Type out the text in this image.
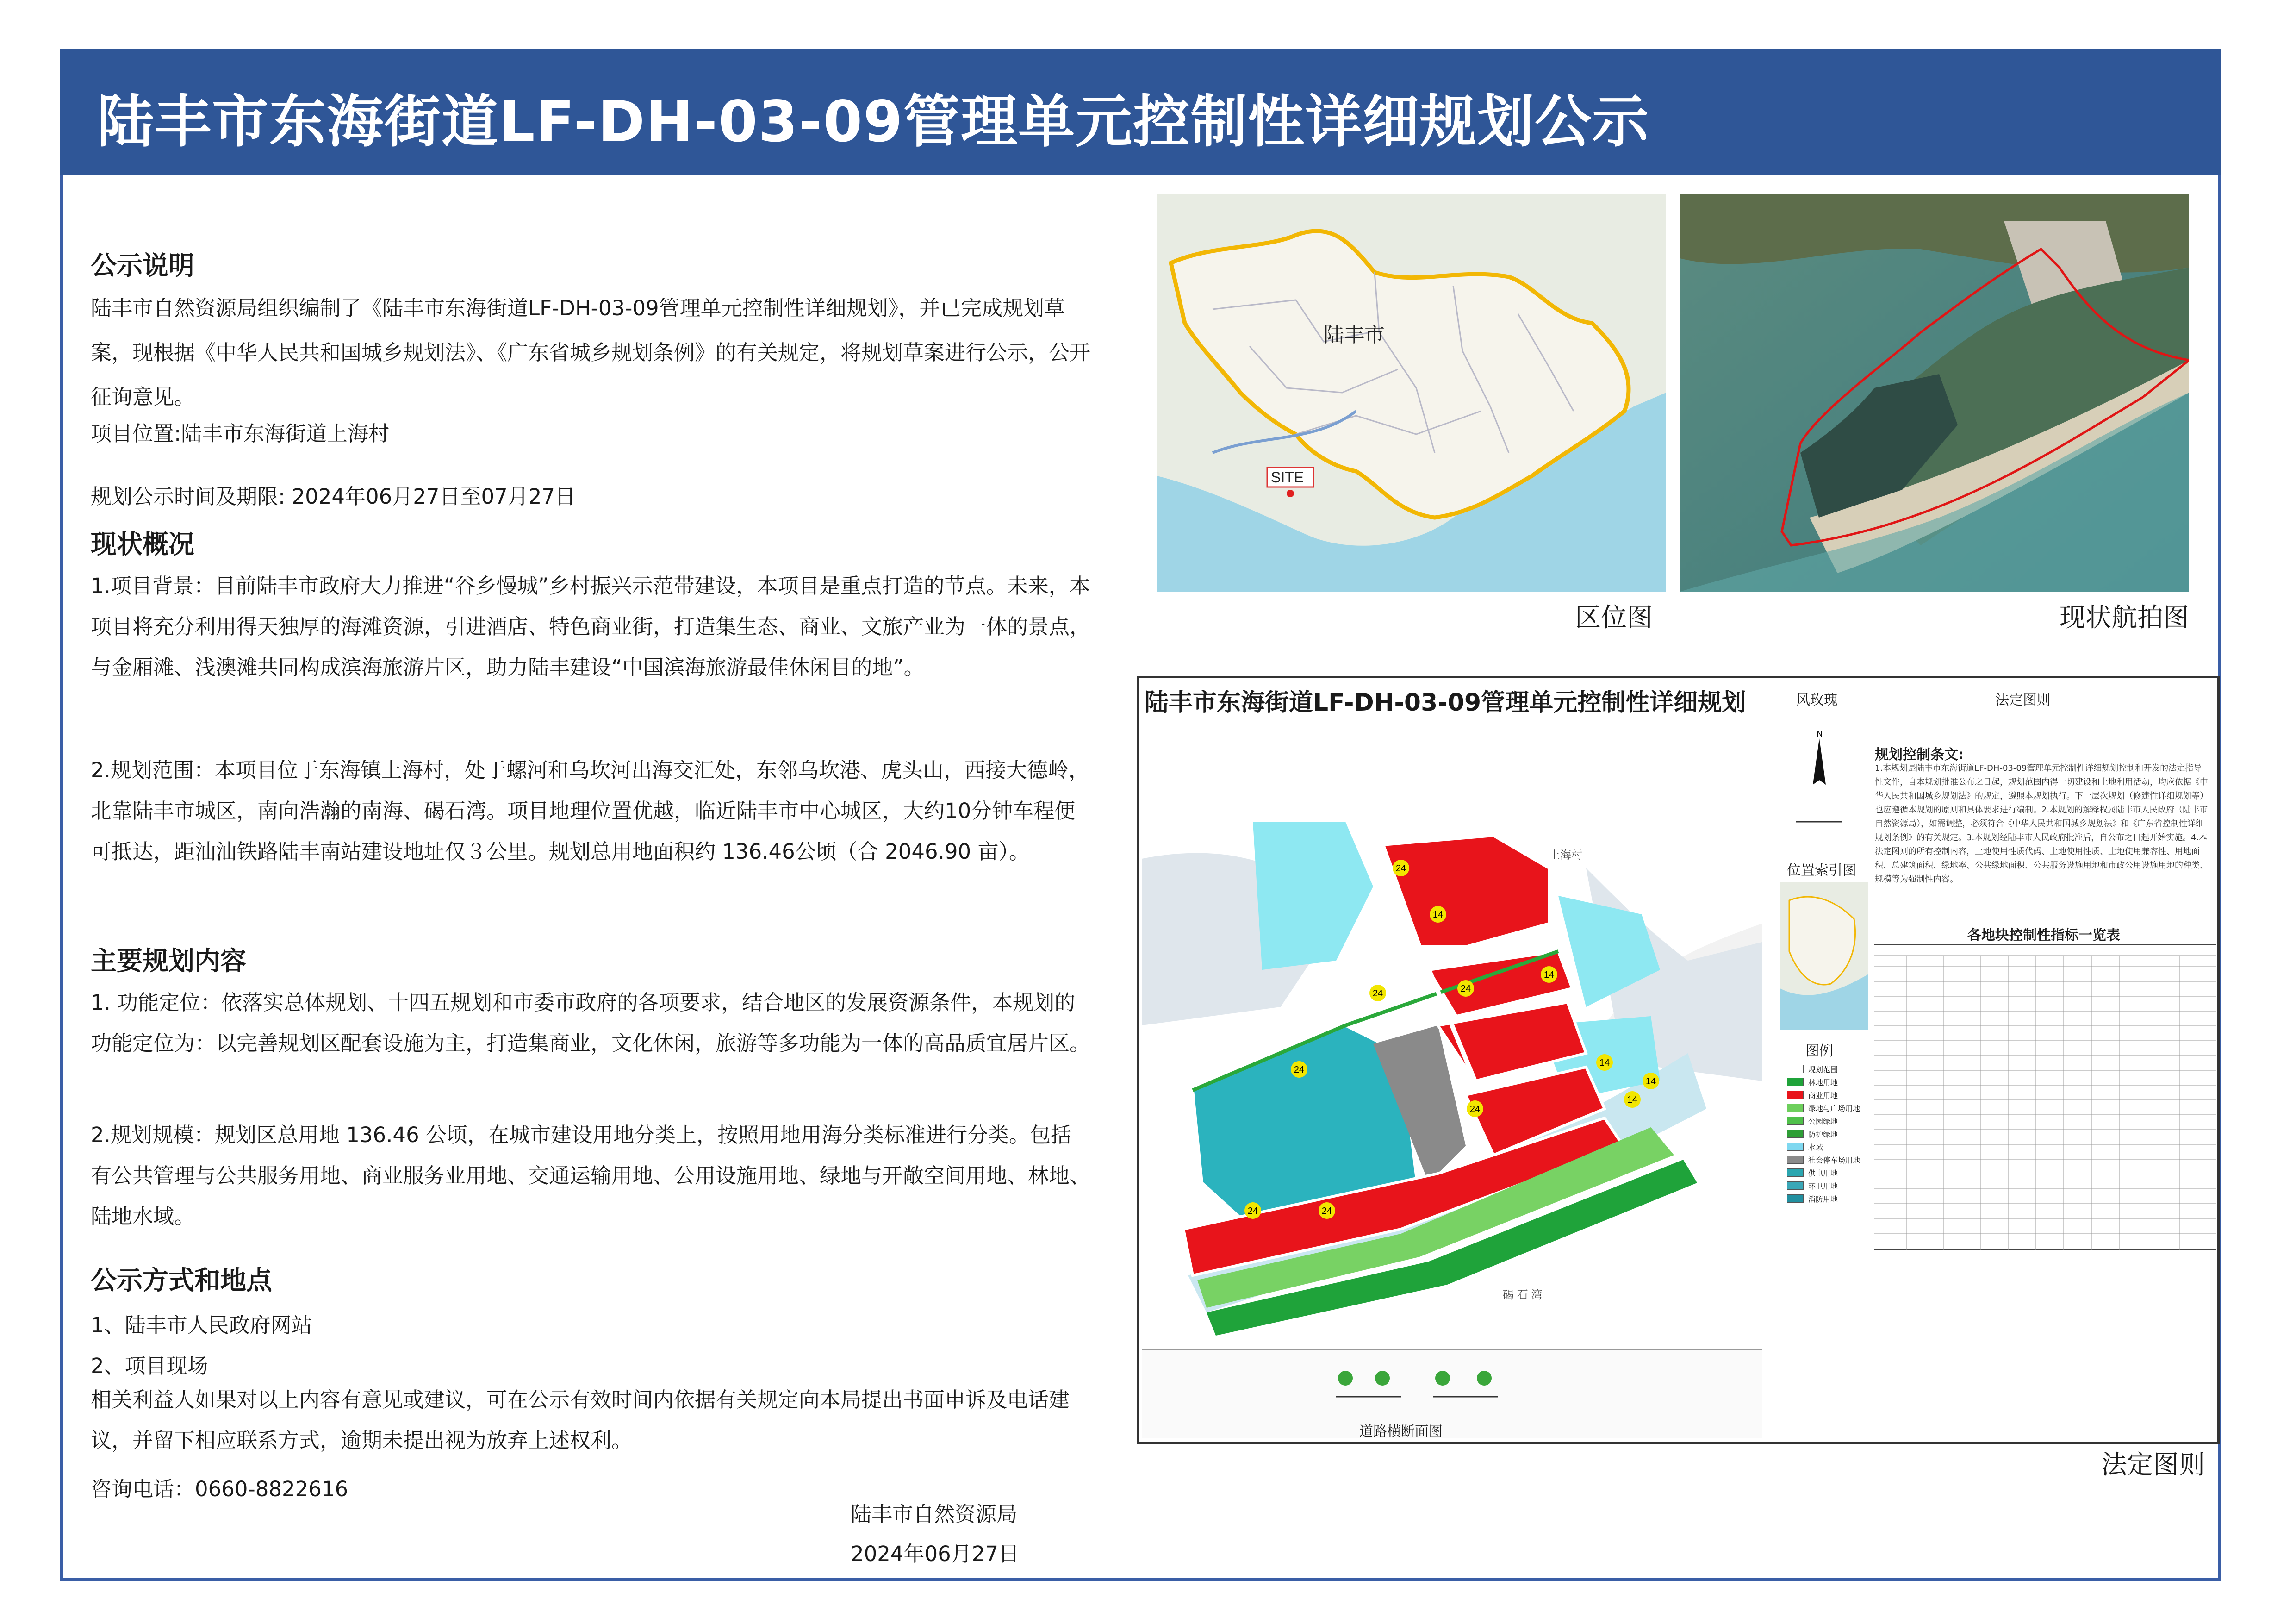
陆丰市东海街道LF-DH-03-09管理单元控制性详细规划公示
公示说明
陆丰市自然资源局组织编制了《陆丰市东海街道LF-DH-03-09管理单元控制性详细规划》，并已完成规划草案，现根据《中华人民共和国城乡规划法》、《广东省城乡规划条例》的有关规定，将规划草案进行公示，公开征询意见。
项目位置:陆丰市东海街道上海村
规划公示时间及期限: 2024年06月27日至07月27日
现状概况
1.项目背景：目前陆丰市政府大力推进“谷乡慢城”乡村振兴示范带建设，本项目是重点打造的节点。未来，本项目将充分利用得天独厚的海滩资源，引进酒店、特色商业街，打造集生态、商业、文旅产业为一体的景点，与金厢滩、浅澳滩共同构成滨海旅游片区，助力陆丰建设“中国滨海旅游最佳休闲目的地”。
2.规划范围：本项目位于东海镇上海村，处于螺河和乌坎河出海交汇处，东邻乌坎港、虎头山，西接大德岭，北靠陆丰市城区，南向浩瀚的南海、碣石湾。项目地理位置优越，临近陆丰市中心城区，大约10分钟车程便可抵达，距汕汕铁路陆丰南站建设地址仅３公里。规划总用地面积约 136.46公顷（合 2046.90 亩）。
主要规划内容
1. 功能定位：依落实总体规划、十四五规划和市委市政府的各项要求，结合地区的发展资源条件，本规划的功能定位为：以完善规划区配套设施为主，打造集商业，文化休闲，旅游等多功能为一体的高品质宜居片区。
2.规划规模：规划区总用地 136.46 公顷，在城市建设用地分类上，按照用地用海分类标准进行分类。包括有公共管理与公共服务用地、商业服务业用地、交通运输用地、公用设施用地、绿地与开敞空间用地、林地、陆地水域。
公示方式和地点
1、陆丰市人民政府网站
2、项目现场
相关利益人如果对以上内容有意见或建议，可在公示有效时间内依据有关规定向本局提出书面申诉及电话建议，并留下相应联系方式，逾期未提出视为放弃上述权利。
咨询电话：0660-8822616
陆丰市自然资源局
2024年06月27日
陆丰市
SITE
区位图	现状航拍图
陆丰市东海街道LF-DH-03-09管理单元控制性详细规划
24
14
24
14
24
14
14
24
24	24
24
14
上海村
碣 石 湾
道路横断面图
风玫瑰	法定图则
N
规划控制条文:
1.本规划是陆丰市东海街道LF-DH-03-09管理单元控制性详细规划控制和开发的法定指导性文件，自本规划批准公布之日起，规划范围内得一切建设和土地利用活动，均应依据《中华人民共和国城乡规划法》的规定，遵照本规划执行。下一层次规划（修建性详细规划等）也应遵循本规划的原则和具体要求进行编制。2.本规划的解释权属陆丰市人民政府（陆丰市自然资源局），如需调整，必须符合《中华人民共和国城乡规划法》和《广东省控制性详细规划条例》的有关规定。3.本规划经陆丰市人民政府批准后，自公布之日起开始实施。4.本法定图则的所有控制内容，土地使用性质代码、土地使用性质、土地使用兼容性、用地面积、总建筑面积、绿地率、公共绿地面积、公共服务设施用地和市政公用设施用地的种类、规模等为强制性内容。
位置索引图
各地块控制性指标一览表
图例
规划范围
林地用地
商业用地
绿地与广场用地
公园绿地
防护绿地
水域
社会停车场用地
供电用地
环卫用地
消防用地
法定图则
